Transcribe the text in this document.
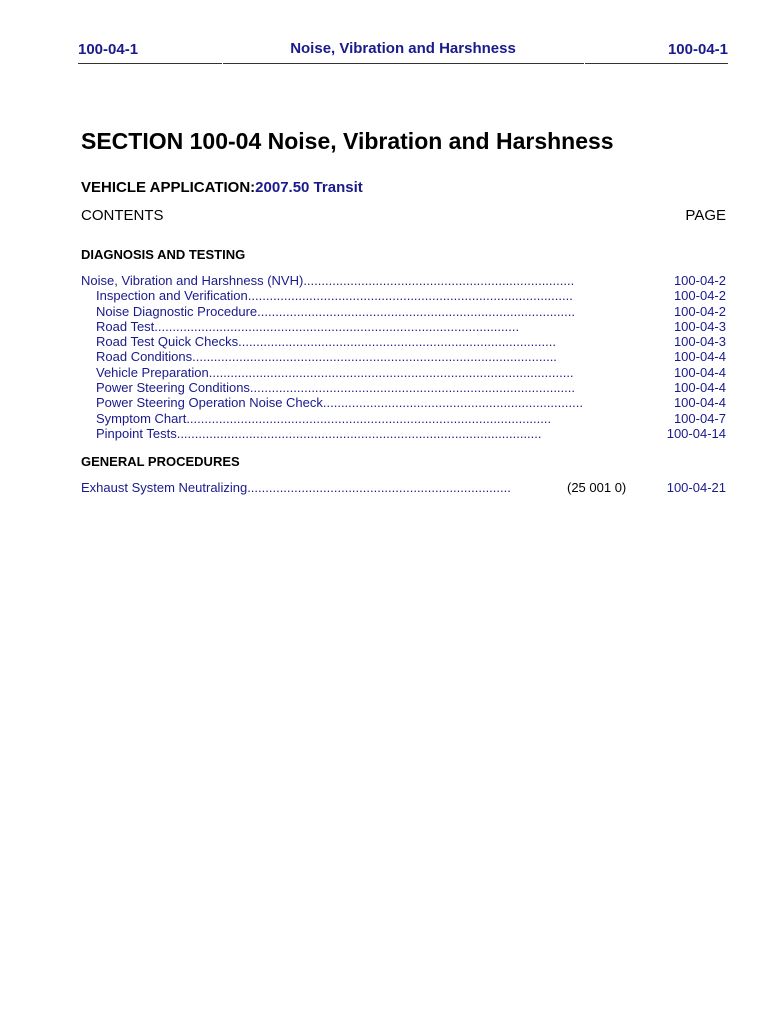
100-04-1	Noise, Vibration and Harshness	100-04-1
SECTION 100-04 Noise, Vibration and Harshness
VEHICLE APPLICATION:2007.50 Transit
CONTENTS	PAGE
DIAGNOSIS AND TESTING
Noise, Vibration and Harshness (NVH)...........................................................................	100-04-2
Inspection and Verification..........................................................................................	100-04-2
Noise Diagnostic Procedure........................................................................................	100-04-2
Road Test.....................................................................................................	100-04-3
Road Test Quick Checks........................................................................................	100-04-3
Road Conditions.....................................................................................................	100-04-4
Vehicle Preparation.....................................................................................................	100-04-4
Power Steering Conditions..........................................................................................	100-04-4
Power Steering Operation Noise Check........................................................................	100-04-4
Symptom Chart.....................................................................................................	100-04-7
Pinpoint Tests.....................................................................................................	100-04-14
GENERAL PROCEDURES
Exhaust System Neutralizing.........................................................................	(25 001 0)	100-04-21
